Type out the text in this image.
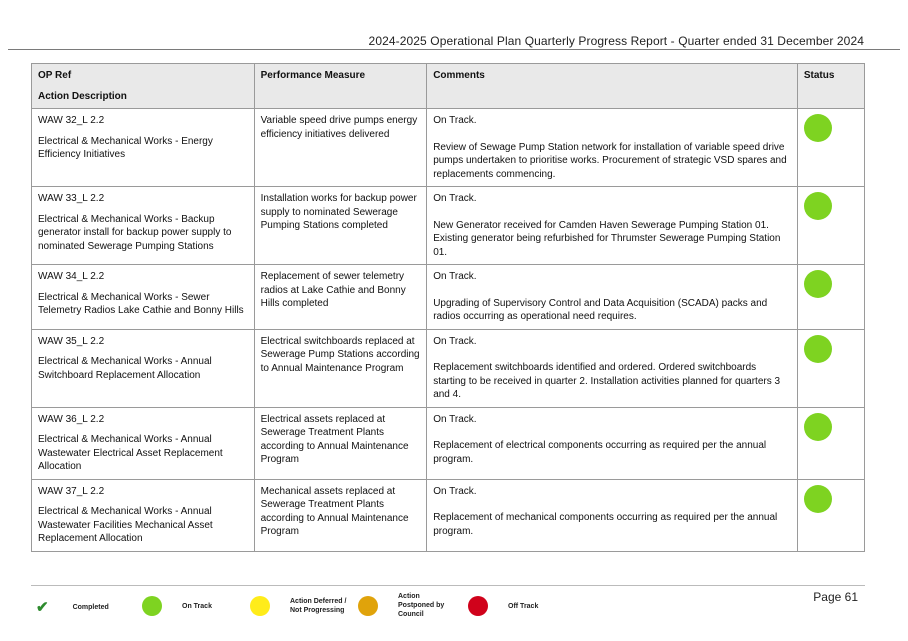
2024-2025 Operational Plan Quarterly Progress Report - Quarter ended 31 December 2024
OP Ref
Action Description	Performance Measure	Comments	Status

WAW 32_L 2.2
Electrical & Mechanical Works - Energy Efficiency Initiatives	Variable speed drive pumps energy efficiency initiatives delivered	On Track.
Review of Sewage Pump Station network for installation of variable speed drive pumps undertaken to prioritise works. Procurement of strategic VSD spares and replacements commencing.	

WAW 33_L 2.2
Electrical & Mechanical Works - Backup generator install for backup power supply to nominated Sewerage Pumping Stations	Installation works for backup power supply to nominated Sewerage Pumping Stations completed	On Track.
New Generator received for Camden Haven Sewerage Pumping Station 01. Existing generator being refurbished for Thrumster Sewerage Pumping Station 01.	

WAW 34_L 2.2
Electrical & Mechanical Works - Sewer Telemetry Radios Lake Cathie and Bonny Hills	Replacement of sewer telemetry radios at Lake Cathie and Bonny Hills completed	On Track.
Upgrading of Supervisory Control and Data Acquisition (SCADA) packs and radios occurring as operational need requires.	

WAW 35_L 2.2
Electrical & Mechanical Works - Annual Switchboard Replacement Allocation	Electrical switchboards replaced at Sewerage Pump Stations according to Annual Maintenance Program	On Track.
Replacement switchboards identified and ordered. Ordered switchboards starting to be received in quarter 2. Installation activities planned for quarters 3 and 4.	

WAW 36_L 2.2
Electrical & Mechanical Works - Annual Wastewater Electrical Asset Replacement Allocation	Electrical assets replaced at Sewerage Treatment Plants according to Annual Maintenance Program	On Track.
Replacement of electrical components occurring as required per the annual program.	

WAW 37_L 2.2
Electrical & Mechanical Works - Annual Wastewater Facilities Mechanical Asset Replacement Allocation	Mechanical assets replaced at Sewerage Treatment Plants according to Annual Maintenance Program	On Track.
Replacement of mechanical components occurring as required per the annual program.	
✔	Completed	On Track
Action Deferred / Not Progressing
Action Postponed by Council
Off Track
Page 61
